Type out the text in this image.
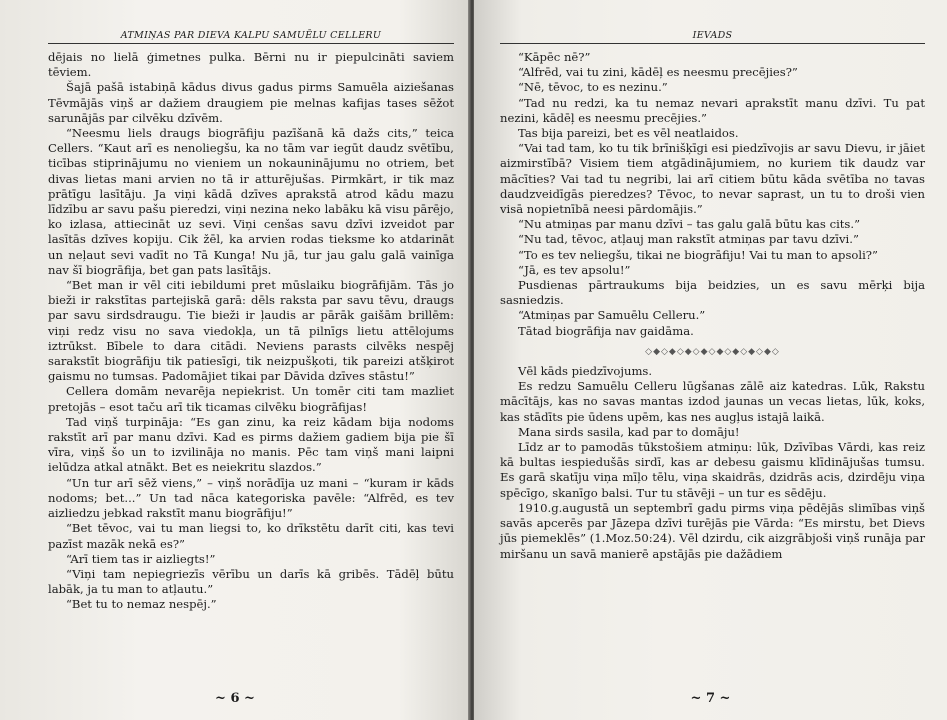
ATMIŅAS PAR DIEVA KALPU SAMUĒLU CELLERU

dējais no lielā ģimetnes pulka. Bērni nu ir piepulcināti saviem tēviem.

Šajā pašā istabiņā kādus divus gadus pirms Samuēla aiziešanas Tēvmājās viņš ar dažiem draugiem pie melnas kafijas tases sēžot sarunājās par cilvēku dzīvēm.

“Neesmu liels draugs biogrāfiju pazīšanā kā dažs cits,” teica Cellers. “Kaut arī es nenoliegšu, ka no tām var iegūt daudz svētību, ticības stiprinājumu no vieniem un nokauninājumu no otriem, bet divas lietas mani arvien no tā ir atturējušas. Pirmkārt, ir tik maz prātīgu lasītāju. Ja viņi kādā dzīves aprakstā atrod kādu mazu līdzību ar savu pašu pieredzi, viņi nezina neko labāku kā visu pārējo, ko izlasa, attiecināt uz sevi. Viņi cenšas savu dzīvi izveidot par lasītās dzīves kopiju. Cik žēl, ka arvien rodas tieksme ko atdarināt un neļaut sevi vadīt no Tā Kunga! Nu jā, tur jau galu galā vainīga nav šī biogrāfija, bet gan pats lasītājs.

“Bet man ir vēl citi iebildumi pret mūslaiku biogrāfijām. Tās jo bieži ir rakstītas partejiskā garā: dēls raksta par savu tēvu, draugs par savu sirdsdraugu. Tie bieži ir ļaudis ar pārāk gaišām brillēm: viņi redz visu no sava viedokļa, un tā pilnīgs lietu attēlojums iztrūkst. Bībele to dara citādi. Neviens parasts cilvēks nespēj sarakstīt biogrāfiju tik patiesīgi, tik neizpušķoti, tik pareizi atšķirot gaismu no tumsas. Padomājiet tikai par Dāvida dzīves stāstu!”

Cellera domām nevarēja nepiekrist. Un tomēr citi tam mazliet pretojās – esot taču arī tik ticamas cilvēku biogrāfijas!

Tad viņš turpināja: “Es gan zinu, ka reiz kādam bija nodoms rakstīt arī par manu dzīvi. Kad es pirms dažiem gadiem bija pie šī vīra, viņš šo un to izvilināja no manis. Pēc tam viņš mani laipni ielūdza atkal atnākt. Bet es neiekritu slazdos.”

“Un tur arī sēž viens,” – viņš norādīja uz mani – “kuram ir kāds nodoms; bet...” Un tad nāca kategoriska pavēle: “Alfrēd, es tev aizliedzu jebkad rakstīt manu biogrāfiju!”

“Bet tēvoc, vai tu man liegsi to, ko drīkstētu darīt citi, kas tevi pazīst mazāk nekā es?”

“Arī tiem tas ir aizliegts!”

“Viņi tam nepiegriezīs vērību un darīs kā gribēs. Tādēļ būtu labāk, ja tu man to atļautu.”

“Bet tu to nemaz nespēj.”

~ 6 ~
IEVADS

“Kāpēc nē?”

“Alfrēd, vai tu zini, kādēļ es neesmu precējies?”

“Nē, tēvoc, to es nezinu.”

“Tad nu redzi, ka tu nemaz nevari aprakstīt manu dzīvi. Tu pat nezini, kādēļ es neesmu precējies.”

Tas bija pareizi, bet es vēl neatlaidos.

“Vai tad tam, ko tu tik brīnišķīgi esi piedzīvojis ar savu Dievu, ir jāiet aizmirstībā? Visiem tiem atgādinājumiem, no kuriem tik daudz var mācīties? Vai tad tu negribi, lai arī citiem būtu kāda svētība no tavas daudzveidīgās pieredzes? Tēvoc, to nevar saprast, un tu to droši vien visā nopietnībā neesi pārdomājis.”

“Nu atmiņas par manu dzīvi – tas galu galā būtu kas cits.”

“Nu tad, tēvoc, atļauj man rakstīt atmiņas par tavu dzīvi.”

“To es tev neliegšu, tikai ne biogrāfiju! Vai tu man to apsoli?”

“Jā, es tev apsolu!”

Pusdienas pārtraukums bija beidzies, un es savu mērķi bija sasniedzis.

“Atmiņas par Samuēlu Celleru.”

Tātad biogrāfija nav gaidāma.

◇◆◇◆◇◆◇◆◇◆◇◆◇◆◇◆◇

Vēl kāds piedzīvojums.

Es redzu Samuēlu Celleru lūgšanas zālē aiz katedras. Lūk, Rakstu mācītājs, kas no savas mantas izdod jaunas un vecas lietas, lūk, koks, kas stādīts pie ūdens upēm, kas nes augļus istajā laikā.

Mana sirds sasila, kad par to domāju!

Līdz ar to pamodās tūkstošiem atmiņu: lūk, Dzīvības Vārdi, kas reiz kā bultas iespiedušās sirdī, kas ar debesu gaismu klīdinājušas tumsu. Es garā skatīju viņa mīļo tēlu, viņa skaidrās, dzidrās acis, dzirdēju viņa spēcīgo, skanīgo balsi. Tur tu stāvēji – un tur es sēdēju.

1910.g.augustā un septembrī gadu pirms viņa pēdējās slimības viņš savās apcerēs par Jāzepa dzīvi turējās pie Vārda: “Es mirstu, bet Dievs jūs piemeklēs” (1.Moz.50:24). Vēl dzirdu, cik aizgrābjoši viņš runāja par miršanu un savā manierē apstājās pie dažādiem

~ 7 ~
